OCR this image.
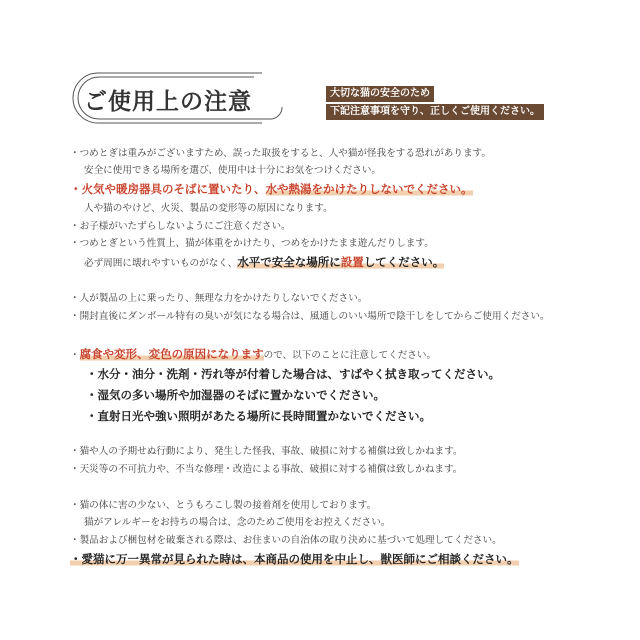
ご使用上の注意	大切な猫の安全のため
下記注意事項を守り、正しくご使用ください。
・つめとぎは重みがございますため、誤った取扱をすると、人や猫が怪我をする恐れがあります。
安全に使用できる場所を選び、使用中は十分にお気をつけください。
・火気や暖房器具のそばに置いたり、水や熱湯をかけたりしないでください。
人や猫のやけど、火災、製品の変形等の原因になります。
・お子様がいたずらしないようにご注意ください。
・つめとぎという性質上、猫が体重をかけたり、つめをかけたまま遊んだりします。
必ず周囲に壊れやすいものがなく、水平で安全な場所に設置してください。
・人が製品の上に乗ったり、無理な力をかけたりしないでください。
・開封直後にダンボール特有の臭いが気になる場合は、風通しのいい場所で陰干しをしてからご使用ください。
・腐食や変形、変色の原因になりますので、以下のことに注意してください。
・水分・油分・洗剤・汚れ等が付着した場合は、すばやく拭き取ってください。
・湿気の多い場所や加湿器のそばに置かないでください。
・直射日光や強い照明があたる場所に長時間置かないでください。
・猫や人の予期せぬ行動により、発生した怪我、事故、破損に対する補償は致しかねます。
・天災等の不可抗力や、不当な修理・改造による事故、破損に対する補償は致しかねます。
・猫の体に害の少ない、とうもろこし製の接着剤を使用しております。
猫がアレルギーをお持ちの場合は、念のためご使用をお控えください。
・製品および梱包材を破棄される際は、お住まいの自治体の取り決めに基づいて処理してください。
・愛猫に万一異常が見られた時は、本商品の使用を中止し、獣医師にご相談ください。
